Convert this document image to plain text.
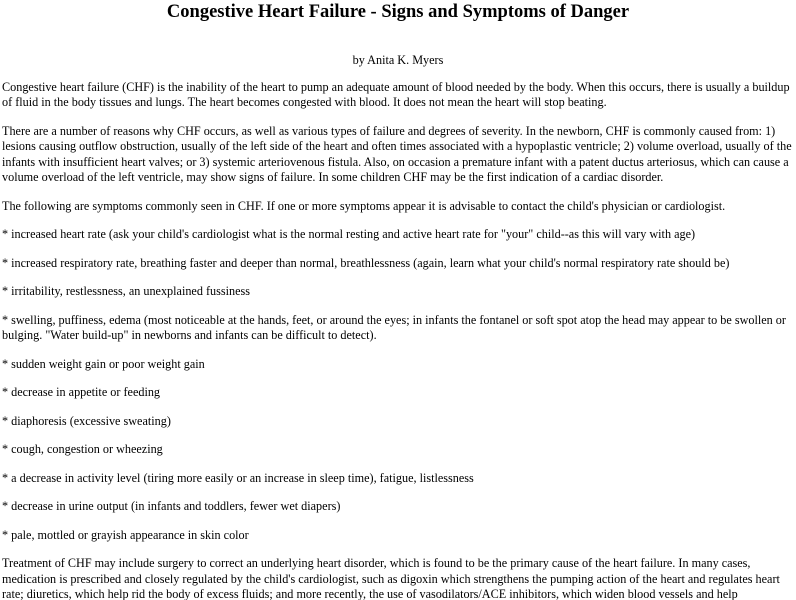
Congestive Heart Failure - Signs and Symptoms of Danger
by Anita K. Myers

Congestive heart failure (CHF) is the inability of the heart to pump an adequate amount of blood needed by the body. When this occurs, there is usually a buildup of fluid in the body tissues and lungs. The heart becomes congested with blood. It does not mean the heart will stop beating.

There are a number of reasons why CHF occurs, as well as various types of failure and degrees of severity. In the newborn, CHF is commonly caused from: 1) lesions causing outflow obstruction, usually of the left side of the heart and often times associated with a hypoplastic ventricle; 2) volume overload, usually of the infants with insufficient heart valves; or 3) systemic arteriovenous fistula. Also, on occasion a premature infant with a patent ductus arteriosus, which can cause a volume overload of the left ventricle, may show signs of failure. In some children CHF may be the first indication of a cardiac disorder.

The following are symptoms commonly seen in CHF. If one or more symptoms appear it is advisable to contact the child's physician or cardiologist.

* increased heart rate (ask your child's cardiologist what is the normal resting and active heart rate for "your" child--as this will vary with age)

* increased respiratory rate, breathing faster and deeper than normal, breathlessness (again, learn what your child's normal respiratory rate should be)

* irritability, restlessness, an unexplained fussiness

* swelling, puffiness, edema (most noticeable at the hands, feet, or around the eyes; in infants the fontanel or soft spot atop the head may appear to be swollen or bulging. "Water build-up" in newborns and infants can be difficult to detect).

* sudden weight gain or poor weight gain

* decrease in appetite or feeding

* diaphoresis (excessive sweating)

* cough, congestion or wheezing

* a decrease in activity level (tiring more easily or an increase in sleep time), fatigue, listlessness

* decrease in urine output (in infants and toddlers, fewer wet diapers)

* pale, mottled or grayish appearance in skin color

Treatment of CHF may include surgery to correct an underlying heart disorder, which is found to be the primary cause of the heart failure. In many cases, medication is prescribed and closely regulated by the child's cardiologist, such as digoxin which strengthens the pumping action of the heart and regulates heart rate; diuretics, which help rid the body of excess fluids; and more recently, the use of vasodilators/ACE inhibitors, which widen blood vessels and help
